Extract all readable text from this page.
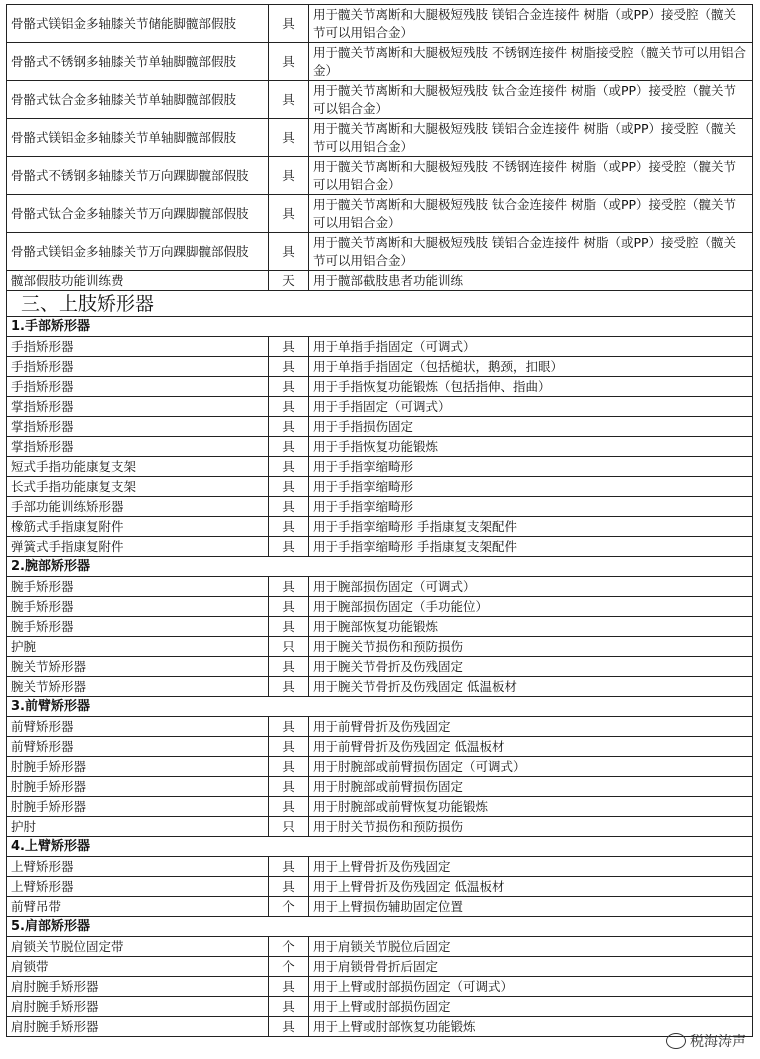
骨骼式镁铝金多轴膝关节储能脚髋部假肢	具	用于髋关节离断和大腿极短残肢 镁铝合金连接件 树脂（或PP）接受腔（髋关节可以用铝合金）
骨骼式不锈钢多轴膝关节单轴脚髋部假肢	具	用于髋关节离断和大腿极短残肢 不锈钢连接件 树脂接受腔（髋关节可以用铝合金）
骨骼式钛合金多轴膝关节单轴脚髋部假肢	具	用于髋关节离断和大腿极短残肢 钛合金连接件 树脂（或PP）接受腔（髋关节可以铝合金）
骨骼式镁铝金多轴膝关节单轴脚髋部假肢	具	用于髋关节离断和大腿极短残肢 镁铝合金连接件 树脂（或PP）接受腔（髋关节可以用铝合金）
骨骼式不锈钢多轴膝关节万向踝脚髋部假肢	具	用于髋关节离断和大腿极短残肢 不锈钢连接件 树脂（或PP）接受腔（髋关节可以用铝合金）
骨骼式钛合金多轴膝关节万向踝脚髋部假肢	具	用于髋关节离断和大腿极短残肢 钛合金连接件 树脂（或PP）接受腔（髋关节可以用铝合金）
骨骼式镁铝金多轴膝关节万向踝脚髋部假肢	具	用于髋关节离断和大腿极短残肢 镁铝合金连接件 树脂（或PP）接受腔（髋关节可以用铝合金）
髋部假肢功能训练费	天	用于髋部截肢患者功能训练
三、上肢矫形器		
1.手部矫形器		
手指矫形器	具	用于单指手指固定（可调式）
手指矫形器	具	用于单指手指固定（包括槌状，鹅颈，扣眼）
手指矫形器	具	用于手指恢复功能锻炼（包括指伸、指曲）
掌指矫形器	具	用于手指固定（可调式）
掌指矫形器	具	用于手指损伤固定
掌指矫形器	具	用于手指恢复功能锻炼
短式手指功能康复支架	具	用于手指挛缩畸形
长式手指功能康复支架	具	用于手指挛缩畸形
手部功能训练矫形器	具	用于手指挛缩畸形
橡筋式手指康复附件	具	用于手指挛缩畸形 手指康复支架配件
弹簧式手指康复附件	具	用于手指挛缩畸形 手指康复支架配件
2.腕部矫形器		
腕手矫形器	具	用于腕部损伤固定（可调式）
腕手矫形器	具	用于腕部损伤固定（手功能位）
腕手矫形器	具	用于腕部恢复功能锻炼
护腕	只	用于腕关节损伤和预防损伤
腕关节矫形器	具	用于腕关节骨折及伤残固定
腕关节矫形器	具	用于腕关节骨折及伤残固定 低温板材
3.前臂矫形器		
前臂矫形器	具	用于前臂骨折及伤残固定
前臂矫形器	具	用于前臂骨折及伤残固定 低温板材
肘腕手矫形器	具	用于肘腕部或前臂损伤固定（可调式）
肘腕手矫形器	具	用于肘腕部或前臂损伤固定
肘腕手矫形器	具	用于肘腕部或前臂恢复功能锻炼
护肘	只	用于肘关节损伤和预防损伤
4.上臂矫形器		
上臂矫形器	具	用于上臂骨折及伤残固定
上臂矫形器	具	用于上臂骨折及伤残固定 低温板材
前臂吊带	个	用于上臂损伤辅助固定位置
5.肩部矫形器		
肩锁关节脱位固定带	个	用于肩锁关节脱位后固定
肩锁带	个	用于肩锁骨骨折后固定
肩肘腕手矫形器	具	用于上臂或肘部损伤固定（可调式）
肩肘腕手矫形器	具	用于上臂或肘部损伤固定
肩肘腕手矫形器	具	用于上臂或肘部恢复功能锻炼
税海涛声
